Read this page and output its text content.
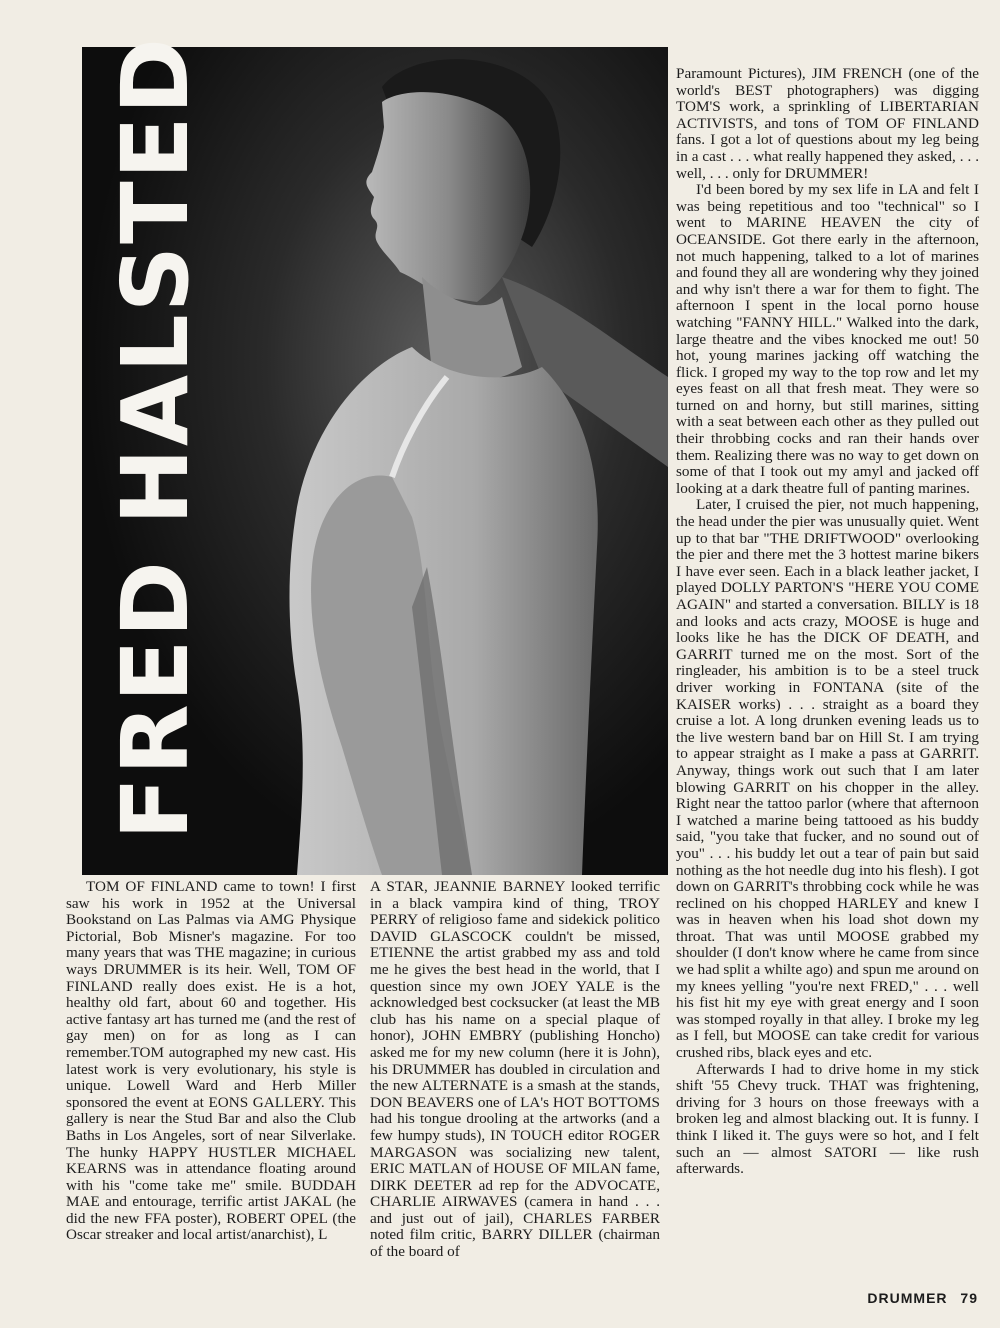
FRED HALSTED

TOM OF FINLAND came to town! I first saw his work in 1952 at the Universal Bookstand on Las Palmas via AMG Physique Pictorial, Bob Misner's magazine. For too many years that was THE magazine; in curious ways DRUMMER is its heir. Well, TOM OF FINLAND really does exist. He is a hot, healthy old fart, about 60 and together. His active fantasy art has turned me (and the rest of gay men) on for as long as I can remember.TOM autographed my new cast. His latest work is very evolutionary, his style is unique. Lowell Ward and Herb Miller sponsored the event at EONS GALLERY. This gallery is near the Stud Bar and also the Club Baths in Los Angeles, sort of near Silverlake. The hunky HAPPY HUSTLER MICHAEL KEARNS was in attendance floating around with his "come take me" smile. BUDDAH MAE and entourage, terrific artist JAKAL (he did the new FFA poster), ROBERT OPEL (the Oscar streaker and local artist/anarchist), L

A STAR, JEANNIE BARNEY looked terrific in a black vampira kind of thing, TROY PERRY of religioso fame and sidekick politico DAVID GLASCOCK couldn't be missed, ETIENNE the artist grabbed my ass and told me he gives the best head in the world, that I question since my own JOEY YALE is the acknowledged best cocksucker (at least the MB club has his name on a special plaque of honor), JOHN EMBRY (publishing Honcho) asked me for my new column (here it is John), his DRUMMER has doubled in circulation and the new ALTERNATE is a smash at the stands, DON BEAVERS one of LA's HOT BOTTOMS had his tongue drooling at the artworks (and a few humpy studs), IN TOUCH editor ROGER MARGASON was socializing new talent, ERIC MATLAN of HOUSE OF MILAN fame, DIRK DEETER ad rep for the ADVOCATE, CHARLIE AIRWAVES (camera in hand . . . and just out of jail), CHARLES FARBER noted film critic, BARRY DILLER (chairman of the board of

Paramount Pictures), JIM FRENCH (one of the world's BEST photographers) was digging TOM'S work, a sprinkling of LIBERTARIAN ACTIVISTS, and tons of TOM OF FINLAND fans. I got a lot of questions about my leg being in a cast . . . what really happened they asked, . . . well, . . . only for DRUMMER!

I'd been bored by my sex life in LA and felt I was being repetitious and too "technical" so I went to MARINE HEAVEN the city of OCEANSIDE. Got there early in the afternoon, not much happening, talked to a lot of marines and found they all are wondering why they joined and why isn't there a war for them to fight. The afternoon I spent in the local porno house watching "FANNY HILL." Walked into the dark, large theatre and the vibes knocked me out! 50 hot, young marines jacking off watching the flick. I groped my way to the top row and let my eyes feast on all that fresh meat. They were so turned on and horny, but still marines, sitting with a seat between each other as they pulled out their throbbing cocks and ran their hands over them. Realizing there was no way to get down on some of that I took out my amyl and jacked off looking at a dark theatre full of panting marines.

Later, I cruised the pier, not much happening, the head under the pier was unusually quiet. Went up to that bar "THE DRIFTWOOD" overlooking the pier and there met the 3 hottest marine bikers I have ever seen. Each in a black leather jacket, I played DOLLY PARTON'S "HERE YOU COME AGAIN" and started a conversation. BILLY is 18 and looks and acts crazy, MOOSE is huge and looks like he has the DICK OF DEATH, and GARRIT turned me on the most. Sort of the ringleader, his ambition is to be a steel truck driver working in FONTANA (site of the KAISER works) . . . straight as a board they cruise a lot. A long drunken evening leads us to the live western band bar on Hill St. I am trying to appear straight as I make a pass at GARRIT. Anyway, things work out such that I am later blowing GARRIT on his chopper in the alley. Right near the tattoo parlor (where that afternoon I watched a marine being tattooed as his buddy said, "you take that fucker, and no sound out of you" . . . his buddy let out a tear of pain but said nothing as the hot needle dug into his flesh). I got down on GARRIT's throbbing cock while he was reclined on his chopped HARLEY and knew I was in heaven when his load shot down my throat. That was until MOOSE grabbed my shoulder (I don't know where he came from since we had split a whilte ago) and spun me around on my knees yelling "you're next FRED," . . . well his fist hit my eye with great energy and I soon was stomped royally in that alley. I broke my leg as I fell, but MOOSE can take credit for various crushed ribs, black eyes and etc.

Afterwards I had to drive home in my stick shift '55 Chevy truck. THAT was frightening, driving for 3 hours on those freeways with a broken leg and almost blacking out. It is funny. I think I liked it. The guys were so hot, and I felt such an — almost SATORI — like rush afterwards.

DRUMMER 79
